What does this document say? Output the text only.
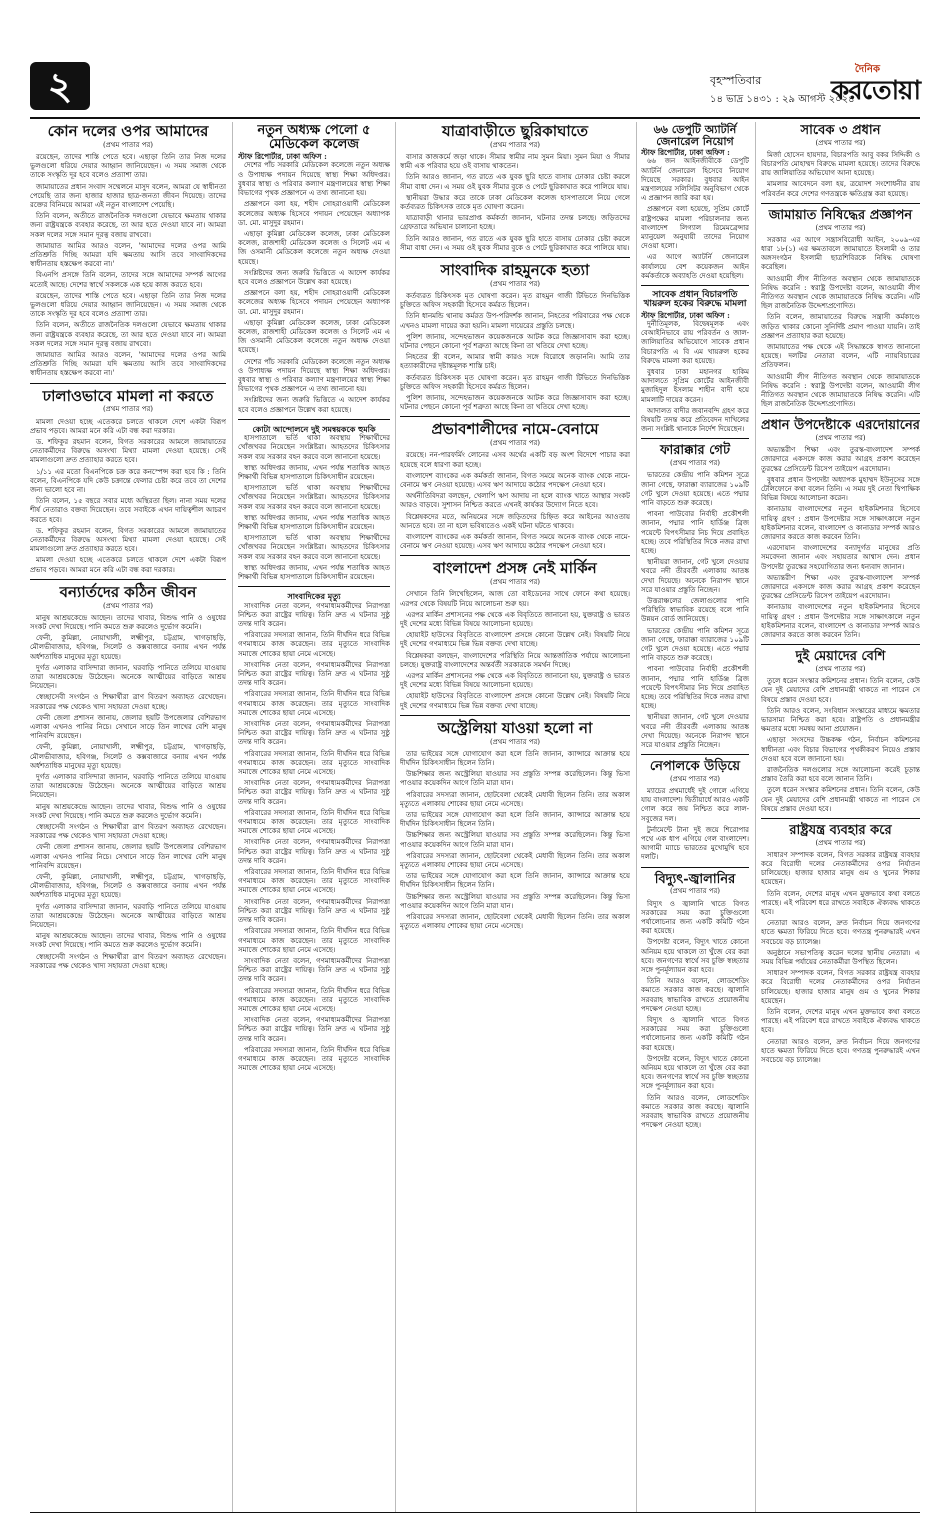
২	বৃহস্পতিবার
১৪ ভাদ্র ১৪৩১ : ২৯ আগস্ট ২০২৪
দৈনিক
করতোয়া
কোন দলের ওপর আমাদের
(প্রথম পাতার পর)

রয়েছেন, তাদের শাস্তি পেতে হবে। এছাড়া তিনি তার নিজ দলের ভুলগুলো ধরিয়ে দেয়ার আহ্বান জানিয়েছেন। এ সময় সমাজ থেকে তাকে সংস্কৃতি দূর হবে বলেও প্রত্যাশা তার।

জামায়াতের প্রধান সংবাদ সম্মেলনে মাসুদ বলেন, আমরা যে স্বাধীনতা পেয়েছি তার জন্য হাজার হাজার ছাত্র-জনতা জীবন দিয়েছে। তাদের রক্তের বিনিময়ে আমরা এই নতুন বাংলাদেশ পেয়েছি।

তিনি বলেন, অতীতে রাজনৈতিক দলগুলো যেভাবে ক্ষমতায় থাকার জন্য রাষ্ট্রযন্ত্রকে ব্যবহার করেছে, তা আর হতে দেওয়া যাবে না। আমরা সকল দলের সঙ্গে সমান দূরত্ব বজায় রাখবো।

জামায়াত আমির আরও বলেন, 'আমাদের দলের ওপর আমি প্রতিশ্রুতি দিচ্ছি আমরা যদি ক্ষমতায় আসি তবে সাংবাদিকদের স্বাধীনতায় হস্তক্ষেপ করবো না।'

বিএনপি প্রসঙ্গে তিনি বলেন, তাদের সঙ্গে আমাদের সম্পর্ক আগের মতোই আছে। দেশের স্বার্থে সকলকে এক হয়ে কাজ করতে হবে।

রয়েছেন, তাদের শাস্তি পেতে হবে। এছাড়া তিনি তার নিজ দলের ভুলগুলো ধরিয়ে দেয়ার আহ্বান জানিয়েছেন। এ সময় সমাজ থেকে তাকে সংস্কৃতি দূর হবে বলেও প্রত্যাশা তার।

তিনি বলেন, অতীতে রাজনৈতিক দলগুলো যেভাবে ক্ষমতায় থাকার জন্য রাষ্ট্রযন্ত্রকে ব্যবহার করেছে, তা আর হতে দেওয়া যাবে না। আমরা সকল দলের সঙ্গে সমান দূরত্ব বজায় রাখবো।

জামায়াত আমির আরও বলেন, 'আমাদের দলের ওপর আমি প্রতিশ্রুতি দিচ্ছি আমরা যদি ক্ষমতায় আসি তবে সাংবাদিকদের স্বাধীনতায় হস্তক্ষেপ করবো না।'

ঢালাওভাবে মামলা না করতে
(প্রথম পাতার পর)

মামলা দেওয়া হচ্ছে এতেকরে চলতে থাকলে দেশে একটা বিরূপ প্রভাব পড়বে। আমরা মনে করি এটা বন্ধ করা দরকার।

ড. শফিকুর রহমান বলেন, বিগত সরকারের আমলে জামায়াতের নেতাকর্মীদের বিরুদ্ধে অসংখ্য মিথ্যা মামলা দেওয়া হয়েছে। সেই মামলাগুলো দ্রুত প্রত্যাহার করতে হবে।

১/১১ এর মতো বিএনপিকে চক্র করে কনস্পেন্স করা হবে কি : তিনি বলেন, বিএনপিকে যদি কেউ চক্রান্তে ফেলার চেষ্টা করে তবে তা দেশের জন্য ভালো হবে না।

তিনি বলেন, ১৫ বছরে সবার মধ্যে অস্থিরতা ছিল। নানা সময় দলের শীর্ষ নেতারাও বক্তব্য দিয়েছেন। তবে সবাইকে এখন দায়িত্বশীল আচরণ করতে হবে।

ড. শফিকুর রহমান বলেন, বিগত সরকারের আমলে জামায়াতের নেতাকর্মীদের বিরুদ্ধে অসংখ্য মিথ্যা মামলা দেওয়া হয়েছে। সেই মামলাগুলো দ্রুত প্রত্যাহার করতে হবে।

মামলা দেওয়া হচ্ছে এতেকরে চলতে থাকলে দেশে একটা বিরূপ প্রভাব পড়বে। আমরা মনে করি এটা বন্ধ করা দরকার।

বন্যার্তদের কঠিন জীবন
(প্রথম পাতার পর)

মানুষ আশ্রয়কেন্দ্রে আছেন। তাদের খাবার, বিশুদ্ধ পানি ও ওষুধের সংকট দেখা দিয়েছে। পানি কমতে শুরু করলেও দুর্ভোগ কমেনি।

ফেনী, কুমিল্লা, নোয়াখালী, লক্ষ্মীপুর, চট্টগ্রাম, খাগড়াছড়ি, মৌলভীবাজার, হবিগঞ্জ, সিলেট ও কক্সবাজারে বন্যায় এখন পর্যন্ত অর্ধশতাধিক মানুষের মৃত্যু হয়েছে।

দুর্গত এলাকার বাসিন্দারা জানান, ঘরবাড়ি পানিতে তলিয়ে যাওয়ায় তারা আশ্রয়কেন্দ্রে উঠেছেন। অনেকে আত্মীয়ের বাড়িতে আশ্রয় নিয়েছেন।

স্বেচ্ছাসেবী সংগঠন ও শিক্ষার্থীরা ত্রাণ বিতরণ অব্যাহত রেখেছেন। সরকারের পক্ষ থেকেও খাদ্য সহায়তা দেওয়া হচ্ছে।

ফেনী জেলা প্রশাসন জানায়, জেলার ছয়টি উপজেলার বেশিরভাগ এলাকা এখনও পানির নিচে। সেখানে সাড়ে তিন লাখের বেশি মানুষ পানিবন্দি রয়েছেন।

ফেনী, কুমিল্লা, নোয়াখালী, লক্ষ্মীপুর, চট্টগ্রাম, খাগড়াছড়ি, মৌলভীবাজার, হবিগঞ্জ, সিলেট ও কক্সবাজারে বন্যায় এখন পর্যন্ত অর্ধশতাধিক মানুষের মৃত্যু হয়েছে।

দুর্গত এলাকার বাসিন্দারা জানান, ঘরবাড়ি পানিতে তলিয়ে যাওয়ায় তারা আশ্রয়কেন্দ্রে উঠেছেন। অনেকে আত্মীয়ের বাড়িতে আশ্রয় নিয়েছেন।

মানুষ আশ্রয়কেন্দ্রে আছেন। তাদের খাবার, বিশুদ্ধ পানি ও ওষুধের সংকট দেখা দিয়েছে। পানি কমতে শুরু করলেও দুর্ভোগ কমেনি।

স্বেচ্ছাসেবী সংগঠন ও শিক্ষার্থীরা ত্রাণ বিতরণ অব্যাহত রেখেছেন। সরকারের পক্ষ থেকেও খাদ্য সহায়তা দেওয়া হচ্ছে।

ফেনী জেলা প্রশাসন জানায়, জেলার ছয়টি উপজেলার বেশিরভাগ এলাকা এখনও পানির নিচে। সেখানে সাড়ে তিন লাখের বেশি মানুষ পানিবন্দি রয়েছেন।

ফেনী, কুমিল্লা, নোয়াখালী, লক্ষ্মীপুর, চট্টগ্রাম, খাগড়াছড়ি, মৌলভীবাজার, হবিগঞ্জ, সিলেট ও কক্সবাজারে বন্যায় এখন পর্যন্ত অর্ধশতাধিক মানুষের মৃত্যু হয়েছে।

দুর্গত এলাকার বাসিন্দারা জানান, ঘরবাড়ি পানিতে তলিয়ে যাওয়ায় তারা আশ্রয়কেন্দ্রে উঠেছেন। অনেকে আত্মীয়ের বাড়িতে আশ্রয় নিয়েছেন।

মানুষ আশ্রয়কেন্দ্রে আছেন। তাদের খাবার, বিশুদ্ধ পানি ও ওষুধের সংকট দেখা দিয়েছে। পানি কমতে শুরু করলেও দুর্ভোগ কমেনি।

স্বেচ্ছাসেবী সংগঠন ও শিক্ষার্থীরা ত্রাণ বিতরণ অব্যাহত রেখেছেন। সরকারের পক্ষ থেকেও খাদ্য সহায়তা দেওয়া হচ্ছে।

নতুন অধ্যক্ষ পেলো ৫ মেডিকেল কলেজ
স্টাফ রিপোর্টার, ঢাকা অফিস :

দেশের পাঁচ সরকারি মেডিকেল কলেজে নতুন অধ্যক্ষ ও উপাধ্যক্ষ পদায়ন দিয়েছে স্বাস্থ্য শিক্ষা অধিদপ্তর। বুধবার স্বাস্থ্য ও পরিবার কল্যাণ মন্ত্রণালয়ের স্বাস্থ্য শিক্ষা বিভাগের পৃথক প্রজ্ঞাপনে এ তথ্য জানানো হয়।

প্রজ্ঞাপনে বলা হয়, শহীদ সোহরাওয়ার্দী মেডিকেল কলেজের অধ্যক্ষ হিসেবে পদায়ন পেয়েছেন অধ্যাপক ডা. মো. মাসুদুর রহমান।

এছাড়া কুমিল্লা মেডিকেল কলেজ, ঢাকা মেডিকেল কলেজ, রাজশাহী মেডিকেল কলেজ ও সিলেট এম এ জি ওসমানী মেডিকেল কলেজে নতুন অধ্যক্ষ দেওয়া হয়েছে।

সংশ্লিষ্টদের জন্য জরুরি ভিত্তিতে এ আদেশ কার্যকর হবে বলেও প্রজ্ঞাপনে উল্লেখ করা হয়েছে।

প্রজ্ঞাপনে বলা হয়, শহীদ সোহরাওয়ার্দী মেডিকেল কলেজের অধ্যক্ষ হিসেবে পদায়ন পেয়েছেন অধ্যাপক ডা. মো. মাসুদুর রহমান।

এছাড়া কুমিল্লা মেডিকেল কলেজ, ঢাকা মেডিকেল কলেজ, রাজশাহী মেডিকেল কলেজ ও সিলেট এম এ জি ওসমানী মেডিকেল কলেজে নতুন অধ্যক্ষ দেওয়া হয়েছে।

দেশের পাঁচ সরকারি মেডিকেল কলেজে নতুন অধ্যক্ষ ও উপাধ্যক্ষ পদায়ন দিয়েছে স্বাস্থ্য শিক্ষা অধিদপ্তর। বুধবার স্বাস্থ্য ও পরিবার কল্যাণ মন্ত্রণালয়ের স্বাস্থ্য শিক্ষা বিভাগের পৃথক প্রজ্ঞাপনে এ তথ্য জানানো হয়।

সংশ্লিষ্টদের জন্য জরুরি ভিত্তিতে এ আদেশ কার্যকর হবে বলেও প্রজ্ঞাপনে উল্লেখ করা হয়েছে।

কোটা আন্দোলনে দুই সমন্বয়ককে হুমকি

হাসপাতালে ভর্তি থাকা অবস্থায় শিক্ষার্থীদের খোঁজখবর নিয়েছেন সংশ্লিষ্টরা। আহতদের চিকিৎসার সকল ব্যয় সরকার বহন করবে বলে জানানো হয়েছে।

স্বাস্থ্য অধিদপ্তর জানায়, এখন পর্যন্ত শতাধিক আহত শিক্ষার্থী বিভিন্ন হাসপাতালে চিকিৎসাধীন রয়েছেন।

হাসপাতালে ভর্তি থাকা অবস্থায় শিক্ষার্থীদের খোঁজখবর নিয়েছেন সংশ্লিষ্টরা। আহতদের চিকিৎসার সকল ব্যয় সরকার বহন করবে বলে জানানো হয়েছে।

স্বাস্থ্য অধিদপ্তর জানায়, এখন পর্যন্ত শতাধিক আহত শিক্ষার্থী বিভিন্ন হাসপাতালে চিকিৎসাধীন রয়েছেন।

হাসপাতালে ভর্তি থাকা অবস্থায় শিক্ষার্থীদের খোঁজখবর নিয়েছেন সংশ্লিষ্টরা। আহতদের চিকিৎসার সকল ব্যয় সরকার বহন করবে বলে জানানো হয়েছে।

স্বাস্থ্য অধিদপ্তর জানায়, এখন পর্যন্ত শতাধিক আহত শিক্ষার্থী বিভিন্ন হাসপাতালে চিকিৎসাধীন রয়েছেন।

সাংবাদিকের মৃত্যু

সাংবাদিক নেতা বলেন, গণমাধ্যমকর্মীদের নিরাপত্তা নিশ্চিত করা রাষ্ট্রের দায়িত্ব। তিনি দ্রুত এ ঘটনার সুষ্ঠু তদন্ত দাবি করেন।

পরিবারের সদস্যরা জানান, তিনি দীর্ঘদিন ধরে বিভিন্ন গণমাধ্যমে কাজ করেছেন। তার মৃত্যুতে সাংবাদিক সমাজে শোকের ছায়া নেমে এসেছে।

সাংবাদিক নেতা বলেন, গণমাধ্যমকর্মীদের নিরাপত্তা নিশ্চিত করা রাষ্ট্রের দায়িত্ব। তিনি দ্রুত এ ঘটনার সুষ্ঠু তদন্ত দাবি করেন।

পরিবারের সদস্যরা জানান, তিনি দীর্ঘদিন ধরে বিভিন্ন গণমাধ্যমে কাজ করেছেন। তার মৃত্যুতে সাংবাদিক সমাজে শোকের ছায়া নেমে এসেছে।

সাংবাদিক নেতা বলেন, গণমাধ্যমকর্মীদের নিরাপত্তা নিশ্চিত করা রাষ্ট্রের দায়িত্ব। তিনি দ্রুত এ ঘটনার সুষ্ঠু তদন্ত দাবি করেন।

পরিবারের সদস্যরা জানান, তিনি দীর্ঘদিন ধরে বিভিন্ন গণমাধ্যমে কাজ করেছেন। তার মৃত্যুতে সাংবাদিক সমাজে শোকের ছায়া নেমে এসেছে।

সাংবাদিক নেতা বলেন, গণমাধ্যমকর্মীদের নিরাপত্তা নিশ্চিত করা রাষ্ট্রের দায়িত্ব। তিনি দ্রুত এ ঘটনার সুষ্ঠু তদন্ত দাবি করেন।

পরিবারের সদস্যরা জানান, তিনি দীর্ঘদিন ধরে বিভিন্ন গণমাধ্যমে কাজ করেছেন। তার মৃত্যুতে সাংবাদিক সমাজে শোকের ছায়া নেমে এসেছে।

সাংবাদিক নেতা বলেন, গণমাধ্যমকর্মীদের নিরাপত্তা নিশ্চিত করা রাষ্ট্রের দায়িত্ব। তিনি দ্রুত এ ঘটনার সুষ্ঠু তদন্ত দাবি করেন।

পরিবারের সদস্যরা জানান, তিনি দীর্ঘদিন ধরে বিভিন্ন গণমাধ্যমে কাজ করেছেন। তার মৃত্যুতে সাংবাদিক সমাজে শোকের ছায়া নেমে এসেছে।

সাংবাদিক নেতা বলেন, গণমাধ্যমকর্মীদের নিরাপত্তা নিশ্চিত করা রাষ্ট্রের দায়িত্ব। তিনি দ্রুত এ ঘটনার সুষ্ঠু তদন্ত দাবি করেন।

পরিবারের সদস্যরা জানান, তিনি দীর্ঘদিন ধরে বিভিন্ন গণমাধ্যমে কাজ করেছেন। তার মৃত্যুতে সাংবাদিক সমাজে শোকের ছায়া নেমে এসেছে।

সাংবাদিক নেতা বলেন, গণমাধ্যমকর্মীদের নিরাপত্তা নিশ্চিত করা রাষ্ট্রের দায়িত্ব। তিনি দ্রুত এ ঘটনার সুষ্ঠু তদন্ত দাবি করেন।

পরিবারের সদস্যরা জানান, তিনি দীর্ঘদিন ধরে বিভিন্ন গণমাধ্যমে কাজ করেছেন। তার মৃত্যুতে সাংবাদিক সমাজে শোকের ছায়া নেমে এসেছে।

সাংবাদিক নেতা বলেন, গণমাধ্যমকর্মীদের নিরাপত্তা নিশ্চিত করা রাষ্ট্রের দায়িত্ব। তিনি দ্রুত এ ঘটনার সুষ্ঠু তদন্ত দাবি করেন।

পরিবারের সদস্যরা জানান, তিনি দীর্ঘদিন ধরে বিভিন্ন গণমাধ্যমে কাজ করেছেন। তার মৃত্যুতে সাংবাদিক সমাজে শোকের ছায়া নেমে এসেছে।

যাত্রাবাড়ীতে ছুরিকাঘাতে
(প্রথম পাতার পর)

বাসার কাজকর্মে জড়া থাকে। সীমার স্বামীর নাম সুমন মিয়া। সুমন মিয়া ও সীমার স্বামী এক পরিবার হয়ে ওই বাসায় থাকতেন।

তিনি আরও জানান, গত রাতে এক যুবক ছুরি হাতে বাসায় ঢোকার চেষ্টা করলে সীমা বাধা দেন। এ সময় ওই যুবক সীমার বুকে ও পেটে ছুরিকাঘাত করে পালিয়ে যায়।

স্থানীয়রা উদ্ধার করে তাকে ঢাকা মেডিকেল কলেজ হাসপাতালে নিয়ে গেলে কর্তব্যরত চিকিৎসক তাকে মৃত ঘোষণা করেন।

যাত্রাবাড়ী থানার ভারপ্রাপ্ত কর্মকর্তা জানান, ঘটনার তদন্ত চলছে। জড়িতদের গ্রেফতারে অভিযান চালানো হচ্ছে।

তিনি আরও জানান, গত রাতে এক যুবক ছুরি হাতে বাসায় ঢোকার চেষ্টা করলে সীমা বাধা দেন। এ সময় ওই যুবক সীমার বুকে ও পেটে ছুরিকাঘাত করে পালিয়ে যায়।

সাংবাদিক রাহমুনকে হত্যা
(প্রথম পাতার পর)

কর্তব্যরত চিকিৎসক মৃত ঘোষণা করেন। মৃত রাহমুন গাজী টিভিতে দিনভিত্তিক চুক্তিতে অফিস সহকারী হিসেবে কর্মরত ছিলেন।

তিনি ধানমন্ডি থানায় কর্মরত উপ-পরিদর্শক জানান, নিহতের পরিবারের পক্ষ থেকে এখনও মামলা দায়ের করা হয়নি। মামলা দায়েরের প্রস্তুতি চলছে।

পুলিশ জানায়, সন্দেহভাজন কয়েকজনকে আটক করে জিজ্ঞাসাবাদ করা হচ্ছে। ঘটনার পেছনে কোনো পূর্ব শত্রুতা আছে কিনা তা খতিয়ে দেখা হচ্ছে।

নিহতের স্ত্রী বলেন, আমার স্বামী কারও সঙ্গে বিরোধে জড়াননি। আমি তার হত্যাকারীদের দৃষ্টান্তমূলক শাস্তি চাই।

কর্তব্যরত চিকিৎসক মৃত ঘোষণা করেন। মৃত রাহমুন গাজী টিভিতে দিনভিত্তিক চুক্তিতে অফিস সহকারী হিসেবে কর্মরত ছিলেন।

পুলিশ জানায়, সন্দেহভাজন কয়েকজনকে আটক করে জিজ্ঞাসাবাদ করা হচ্ছে। ঘটনার পেছনে কোনো পূর্ব শত্রুতা আছে কিনা তা খতিয়ে দেখা হচ্ছে।

প্রভাবশালীদের নামে-বেনামে
(প্রথম পাতার পর)

রয়েছে। নন-পারফর্মিং লোনের এসব অর্থের একটি বড় অংশ বিদেশে পাচার করা হয়েছে বলে ধারণা করা হচ্ছে।

বাংলাদেশ ব্যাংকের এক কর্মকর্তা জানান, বিগত সময়ে অনেক ব্যাংক থেকে নামে-বেনামে ঋণ নেওয়া হয়েছে। এসব ঋণ আদায়ে কঠোর পদক্ষেপ নেওয়া হবে।

অর্থনীতিবিদরা বলছেন, খেলাপি ঋণ আদায় না হলে ব্যাংক খাতে আস্থার সংকট আরও বাড়বে। সুশাসন নিশ্চিত করতে এখনই কার্যকর উদ্যোগ নিতে হবে।

বিশ্লেষকদের মতে, অনিয়মের সঙ্গে জড়িতদের চিহ্নিত করে আইনের আওতায় আনতে হবে। তা না হলে ভবিষ্যতেও একই ঘটনা ঘটতে থাকবে।

বাংলাদেশ ব্যাংকের এক কর্মকর্তা জানান, বিগত সময়ে অনেক ব্যাংক থেকে নামে-বেনামে ঋণ নেওয়া হয়েছে। এসব ঋণ আদায়ে কঠোর পদক্ষেপ নেওয়া হবে।

বাংলাদেশ প্রসঙ্গ নেই মার্কিন
(প্রথম পাতার পর)

সেখানে তিনি লিখেছিলেন, আজ তো বাইডেনের সাথে ফোনে কথা হয়েছে। এরপর থেকে বিষয়টি নিয়ে আলোচনা শুরু হয়।

এরপর মার্কিন প্রশাসনের পক্ষ থেকে এক বিবৃতিতে জানানো হয়, যুক্তরাষ্ট্র ও ভারত দুই দেশের মধ্যে বিভিন্ন বিষয়ে আলোচনা হয়েছে।

হোয়াইট হাউসের বিবৃতিতে বাংলাদেশ প্রসঙ্গে কোনো উল্লেখ নেই। বিষয়টি নিয়ে দুই দেশের গণমাধ্যমে ভিন্ন ভিন্ন বক্তব্য দেখা যাচ্ছে।

বিশ্লেষকরা বলছেন, বাংলাদেশের পরিস্থিতি নিয়ে আন্তর্জাতিক পর্যায়ে আলোচনা চলছে। যুক্তরাষ্ট্র বাংলাদেশের অন্তর্বর্তী সরকারকে সমর্থন দিচ্ছে।

এরপর মার্কিন প্রশাসনের পক্ষ থেকে এক বিবৃতিতে জানানো হয়, যুক্তরাষ্ট্র ও ভারত দুই দেশের মধ্যে বিভিন্ন বিষয়ে আলোচনা হয়েছে।

হোয়াইট হাউসের বিবৃতিতে বাংলাদেশ প্রসঙ্গে কোনো উল্লেখ নেই। বিষয়টি নিয়ে দুই দেশের গণমাধ্যমে ভিন্ন ভিন্ন বক্তব্য দেখা যাচ্ছে।

অস্ট্রেলিয়া যাওয়া হলো না
(প্রথম পাতার পর)

তার ভাইয়ের সঙ্গে যোগাযোগ করা হলে তিনি জানান, ক্যান্সারে আক্রান্ত হয়ে দীর্ঘদিন চিকিৎসাধীন ছিলেন তিনি।

উচ্চশিক্ষার জন্য অস্ট্রেলিয়া যাওয়ার সব প্রস্তুতি সম্পন্ন করেছিলেন। কিন্তু ভিসা পাওয়ার কয়েকদিন আগে তিনি মারা যান।

পরিবারের সদস্যরা জানান, ছোটবেলা থেকেই মেধাবী ছিলেন তিনি। তার অকাল মৃত্যুতে এলাকায় শোকের ছায়া নেমে এসেছে।

তার ভাইয়ের সঙ্গে যোগাযোগ করা হলে তিনি জানান, ক্যান্সারে আক্রান্ত হয়ে দীর্ঘদিন চিকিৎসাধীন ছিলেন তিনি।

উচ্চশিক্ষার জন্য অস্ট্রেলিয়া যাওয়ার সব প্রস্তুতি সম্পন্ন করেছিলেন। কিন্তু ভিসা পাওয়ার কয়েকদিন আগে তিনি মারা যান।

পরিবারের সদস্যরা জানান, ছোটবেলা থেকেই মেধাবী ছিলেন তিনি। তার অকাল মৃত্যুতে এলাকায় শোকের ছায়া নেমে এসেছে।

তার ভাইয়ের সঙ্গে যোগাযোগ করা হলে তিনি জানান, ক্যান্সারে আক্রান্ত হয়ে দীর্ঘদিন চিকিৎসাধীন ছিলেন তিনি।

উচ্চশিক্ষার জন্য অস্ট্রেলিয়া যাওয়ার সব প্রস্তুতি সম্পন্ন করেছিলেন। কিন্তু ভিসা পাওয়ার কয়েকদিন আগে তিনি মারা যান।

পরিবারের সদস্যরা জানান, ছোটবেলা থেকেই মেধাবী ছিলেন তিনি। তার অকাল মৃত্যুতে এলাকায় শোকের ছায়া নেমে এসেছে।

৬৬ ডেপুটি অ্যাটর্নি জেনারেল নিয়োগ
স্টাফ রিপোর্টার, ঢাকা অফিস :

৬৬ জন আইনজীবীকে ডেপুটি অ্যাটর্নি জেনারেল হিসেবে নিয়োগ দিয়েছে সরকার। বুধবার আইন মন্ত্রণালয়ের সলিসিটর অনুবিভাগ থেকে এ প্রজ্ঞাপন জারি করা হয়।

প্রজ্ঞাপনে বলা হয়েছে, সুপ্রিম কোর্টে রাষ্ট্রপক্ষের মামলা পরিচালনার জন্য বাংলাদেশ লিগ্যাল রিমেমব্রেন্সার ম্যানুয়েল অনুযায়ী তাদের নিয়োগ দেওয়া হলো।

এর আগে অ্যাটর্নি জেনারেল কার্যালয়ে বেশ কয়েকজন আইন কর্মকর্তাকে অব্যাহতি দেওয়া হয়েছিল।

সাবেক প্রধান বিচারপতি খায়রুল হকের বিরুদ্ধে মামলা
স্টাফ রিপোর্টার, ঢাকা অফিস :

দুর্নীতিমূলক, বিদ্বেষমূলক এবং বেআইনিভাবে রায় পরিবর্তন ও জাল-জালিয়াতির অভিযোগে সাবেক প্রধান বিচারপতি এ বি এম খায়রুল হকের বিরুদ্ধে মামলা করা হয়েছে।

বুধবার ঢাকা মহানগর হাকিম আদালতে সুপ্রিম কোর্টের আইনজীবী মুজাহিদুল ইসলাম শাহীন বাদী হয়ে মামলাটি দায়ের করেন।

আদালত বাদীর জবানবন্দি গ্রহণ করে বিষয়টি তদন্ত করে প্রতিবেদন দাখিলের জন্য সংশ্লিষ্ট থানাকে নির্দেশ দিয়েছেন।

ফারাক্কার গেট
(প্রথম পাতার পর)

ভারতের কেন্দ্রীয় পানি কমিশন সূত্রে জানা গেছে, ফারাক্কা ব্যারাজের ১০৯টি গেট খুলে দেওয়া হয়েছে। এতে পদ্মার পানি বাড়তে শুরু করেছে।

পাবনা পাউবোর নির্বাহী প্রকৌশলী জানান, পদ্মার পানি হার্ডিঞ্জ ব্রিজ পয়েন্টে বিপৎসীমার নিচ দিয়ে প্রবাহিত হচ্ছে। তবে পরিস্থিতির দিকে নজর রাখা হচ্ছে।

স্থানীয়রা জানান, গেট খুলে দেওয়ার খবরে নদী তীরবর্তী এলাকায় আতঙ্ক দেখা দিয়েছে। অনেকে নিরাপদ স্থানে সরে যাওয়ার প্রস্তুতি নিচ্ছেন।

উত্তরাঞ্চলের জেলাগুলোর পানি পরিস্থিতি স্বাভাবিক রয়েছে বলে পানি উন্নয়ন বোর্ড জানিয়েছে।

ভারতের কেন্দ্রীয় পানি কমিশন সূত্রে জানা গেছে, ফারাক্কা ব্যারাজের ১০৯টি গেট খুলে দেওয়া হয়েছে। এতে পদ্মার পানি বাড়তে শুরু করেছে।

পাবনা পাউবোর নির্বাহী প্রকৌশলী জানান, পদ্মার পানি হার্ডিঞ্জ ব্রিজ পয়েন্টে বিপৎসীমার নিচ দিয়ে প্রবাহিত হচ্ছে। তবে পরিস্থিতির দিকে নজর রাখা হচ্ছে।

স্থানীয়রা জানান, গেট খুলে দেওয়ার খবরে নদী তীরবর্তী এলাকায় আতঙ্ক দেখা দিয়েছে। অনেকে নিরাপদ স্থানে সরে যাওয়ার প্রস্তুতি নিচ্ছেন।

নেপালকে উড়িয়ে
(প্রথম পাতার পর)

ম্যাচের প্রথমার্ধেই দুই গোলে এগিয়ে যায় বাংলাদেশ। দ্বিতীয়ার্ধে আরও একটি গোল করে জয় নিশ্চিত করে লাল-সবুজের দল।

টুর্নামেন্টে টানা দুই জয়ে শিরোপার পথে এক ধাপ এগিয়ে গেল বাংলাদেশ। আগামী ম্যাচে ভারতের মুখোমুখি হবে দলটি।

বিদ্যুৎ-জ্বালানির
(প্রথম পাতার পর)

বিদ্যুৎ ও জ্বালানি খাতে বিগত সরকারের সময় করা চুক্তিগুলো পর্যালোচনার জন্য একটি কমিটি গঠন করা হয়েছে।

উপদেষ্টা বলেন, বিদ্যুৎ খাতে কোনো অনিয়ম হয়ে থাকলে তা খুঁজে বের করা হবে। জনগণের স্বার্থে সব চুক্তি স্বচ্ছতার সঙ্গে পুনর্মূল্যায়ন করা হবে।

তিনি আরও বলেন, লোডশেডিং কমাতে সরকার কাজ করছে। জ্বালানি সরবরাহ স্বাভাবিক রাখতে প্রয়োজনীয় পদক্ষেপ নেওয়া হচ্ছে।

বিদ্যুৎ ও জ্বালানি খাতে বিগত সরকারের সময় করা চুক্তিগুলো পর্যালোচনার জন্য একটি কমিটি গঠন করা হয়েছে।

উপদেষ্টা বলেন, বিদ্যুৎ খাতে কোনো অনিয়ম হয়ে থাকলে তা খুঁজে বের করা হবে। জনগণের স্বার্থে সব চুক্তি স্বচ্ছতার সঙ্গে পুনর্মূল্যায়ন করা হবে।

তিনি আরও বলেন, লোডশেডিং কমাতে সরকার কাজ করছে। জ্বালানি সরবরাহ স্বাভাবিক রাখতে প্রয়োজনীয় পদক্ষেপ নেওয়া হচ্ছে।

সাবেক ৩ প্রধান
(প্রথম পাতার পর)

মির্জা হোসেন হায়দার, বিচারপতি আবু বকর সিদ্দিকী ও বিচারপতি মোহাম্মদ বিরুদ্ধে মামলা হয়েছে। তাদের বিরুদ্ধে রায় জালিয়াতির অভিযোগ আনা হয়েছে।

মামলার আবেদনে বলা হয়, ত্রয়োদশ সংশোধনীর রায় পরিবর্তন করে দেশের গণতন্ত্রকে ক্ষতিগ্রস্ত করা হয়েছে।

জামায়াত নিষিদ্ধের প্রজ্ঞাপন
(প্রথম পাতার পর)

সরকার এর আগে সন্ত্রাসবিরোধী আইন, ২০০৯-এর ধারা ১৮(১) এর ক্ষমতাবলে জামায়াতে ইসলামী ও তার অঙ্গসংগঠন ইসলামী ছাত্রশিবিরকে নিষিদ্ধ ঘোষণা করেছিল।

আওয়ামী লীগ নীতিগত অবস্থান থেকে জামায়াতকে নিষিদ্ধ করেনি : স্বরাষ্ট্র উপদেষ্টা বলেন, আওয়ামী লীগ নীতিগত অবস্থান থেকে জামায়াতকে নিষিদ্ধ করেনি। এটি ছিল রাজনৈতিক উদ্দেশ্যপ্রণোদিত।

তিনি বলেন, জামায়াতের বিরুদ্ধে সন্ত্রাসী কর্মকাণ্ডে জড়িত থাকার কোনো সুনির্দিষ্ট প্রমাণ পাওয়া যায়নি। তাই প্রজ্ঞাপন প্রত্যাহার করা হয়েছে।

জামায়াতের পক্ষ থেকে এই সিদ্ধান্তকে স্বাগত জানানো হয়েছে। দলটির নেতারা বলেন, এটি ন্যায়বিচারের প্রতিফলন।

আওয়ামী লীগ নীতিগত অবস্থান থেকে জামায়াতকে নিষিদ্ধ করেনি : স্বরাষ্ট্র উপদেষ্টা বলেন, আওয়ামী লীগ নীতিগত অবস্থান থেকে জামায়াতকে নিষিদ্ধ করেনি। এটি ছিল রাজনৈতিক উদ্দেশ্যপ্রণোদিত।

প্রধান উপদেষ্টাকে এরদোয়ানের
(প্রথম পাতার পর)

অভ্যন্তরীণ শিক্ষা এবং তুরস্ক-বাংলাদেশ সম্পর্ক জোরদারে একসঙ্গে কাজ করার আগ্রহ প্রকাশ করেছেন তুরস্কের প্রেসিডেন্ট রিসেপ তাইয়েপ এরদোয়ান।

বুধবার প্রধান উপদেষ্টা অধ্যাপক মুহাম্মদ ইউনূসের সঙ্গে টেলিফোনে কথা বলেন তিনি। এ সময় দুই নেতা দ্বিপাক্ষিক বিভিন্ন বিষয়ে আলোচনা করেন।

কানাডায় বাংলাদেশের নতুন হাইকমিশনার হিসেবে দায়িত্ব গ্রহণ : প্রধান উপদেষ্টার সঙ্গে সাক্ষাৎকালে নতুন হাইকমিশনার বলেন, বাংলাদেশ ও কানাডার সম্পর্ক আরও জোরদার করতে কাজ করবেন তিনি।

এরদোয়ান বাংলাদেশের বন্যাদুর্গত মানুষের প্রতি সমবেদনা জানান এবং সহায়তার আশ্বাস দেন। প্রধান উপদেষ্টা তুরস্কের সহযোগিতার জন্য ধন্যবাদ জানান।

অভ্যন্তরীণ শিক্ষা এবং তুরস্ক-বাংলাদেশ সম্পর্ক জোরদারে একসঙ্গে কাজ করার আগ্রহ প্রকাশ করেছেন তুরস্কের প্রেসিডেন্ট রিসেপ তাইয়েপ এরদোয়ান।

কানাডায় বাংলাদেশের নতুন হাইকমিশনার হিসেবে দায়িত্ব গ্রহণ : প্রধান উপদেষ্টার সঙ্গে সাক্ষাৎকালে নতুন হাইকমিশনার বলেন, বাংলাদেশ ও কানাডার সম্পর্ক আরও জোরদার করতে কাজ করবেন তিনি।

দুই মেয়াদের বেশি
(প্রথম পাতার পর)

তুলে ধরেন সংস্কার কমিশনের প্রধান। তিনি বলেন, কেউ যেন দুই মেয়াদের বেশি প্রধানমন্ত্রী থাকতে না পারেন সে বিষয়ে প্রস্তাব দেওয়া হবে।

তিনি আরও বলেন, সংবিধান সংস্কারের মাধ্যমে ক্ষমতার ভারসাম্য নিশ্চিত করা হবে। রাষ্ট্রপতি ও প্রধানমন্ত্রীর ক্ষমতার মধ্যে সমন্বয় আনা প্রয়োজন।

এছাড়া সংসদের উচ্চকক্ষ গঠন, নির্বাচন কমিশনের স্বাধীনতা এবং বিচার বিভাগের পৃথকীকরণ নিয়েও প্রস্তাব দেওয়া হবে বলে জানানো হয়।

রাজনৈতিক দলগুলোর সঙ্গে আলোচনা করেই চূড়ান্ত প্রস্তাব তৈরি করা হবে বলে জানান তিনি।

তুলে ধরেন সংস্কার কমিশনের প্রধান। তিনি বলেন, কেউ যেন দুই মেয়াদের বেশি প্রধানমন্ত্রী থাকতে না পারেন সে বিষয়ে প্রস্তাব দেওয়া হবে।

রাষ্ট্রযন্ত্র ব্যবহার করে
(প্রথম পাতার পর)

সাধারণ সম্পাদক বলেন, বিগত সরকার রাষ্ট্রযন্ত্র ব্যবহার করে বিরোধী দলের নেতাকর্মীদের ওপর নির্যাতন চালিয়েছে। হাজার হাজার মানুষ গুম ও খুনের শিকার হয়েছেন।

তিনি বলেন, দেশের মানুষ এখন মুক্তভাবে কথা বলতে পারছে। এই পরিবেশ ধরে রাখতে সবাইকে ঐক্যবদ্ধ থাকতে হবে।

নেতারা আরও বলেন, দ্রুত নির্বাচন দিয়ে জনগণের হাতে ক্ষমতা ফিরিয়ে দিতে হবে। গণতন্ত্র পুনরুদ্ধারই এখন সবচেয়ে বড় চ্যালেঞ্জ।

অনুষ্ঠানে সভাপতিত্ব করেন দলের স্থানীয় নেতারা। এ সময় বিভিন্ন পর্যায়ের নেতাকর্মীরা উপস্থিত ছিলেন।

সাধারণ সম্পাদক বলেন, বিগত সরকার রাষ্ট্রযন্ত্র ব্যবহার করে বিরোধী দলের নেতাকর্মীদের ওপর নির্যাতন চালিয়েছে। হাজার হাজার মানুষ গুম ও খুনের শিকার হয়েছেন।

তিনি বলেন, দেশের মানুষ এখন মুক্তভাবে কথা বলতে পারছে। এই পরিবেশ ধরে রাখতে সবাইকে ঐক্যবদ্ধ থাকতে হবে।

নেতারা আরও বলেন, দ্রুত নির্বাচন দিয়ে জনগণের হাতে ক্ষমতা ফিরিয়ে দিতে হবে। গণতন্ত্র পুনরুদ্ধারই এখন সবচেয়ে বড় চ্যালেঞ্জ।
